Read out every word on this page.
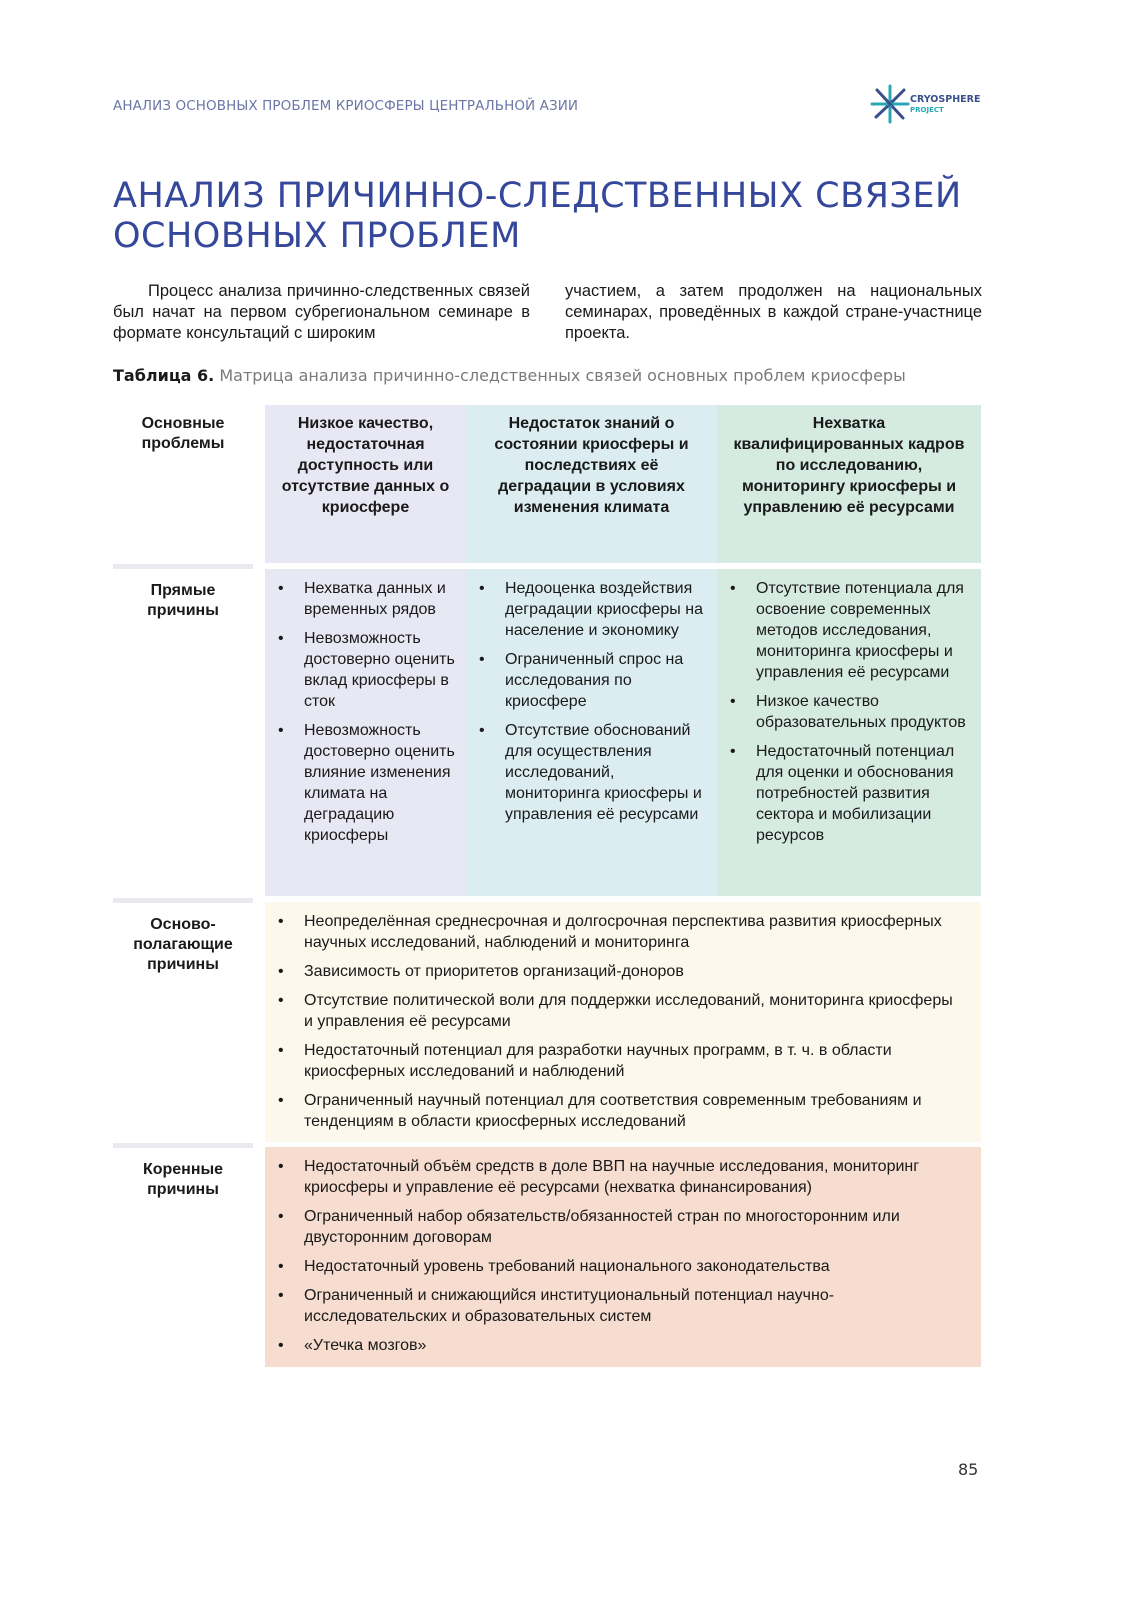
АНАЛИЗ ОСНОВНЫХ ПРОБЛЕМ КРИОСФЕРЫ ЦЕНТРАЛЬНОЙ АЗИИ	CRYOSPHERE
PROJECT
АНАЛИЗ ПРИЧИННО-СЛЕДСТВЕННЫХ СВЯЗЕЙ ОСНОВНЫХ ПРОБЛЕМ
Процесс анализа причинно-следственных связей был начат на первом субрегиональном семинаре в формате консультаций с широким
участием, а затем продолжен на национальных семинарах, проведённых в каждой стране-участнице проекта.
Таблица 6. Матрица анализа причинно-следственных связей основных проблем криосферы
Основные проблемы
Прямые причины
Осново-полагающие причины
Коренные причины
Низкое качество, недостаточная доступность или отсутствие данных о криосфере
Недостаток знаний о состоянии криосферы и последствиях её деградации в условиях изменения климата
Нехватка квалифицированных кадров по исследованию, мониторингу криосферы и управлению её ресурсами
• Нехватка данных и временных рядов
• Невозможность достоверно оценить вклад криосферы в сток
• Невозможность достоверно оценить влияние изменения климата на деградацию криосферы
• Недооценка воздействия деградации криосферы на население и экономику
• Ограниченный спрос на исследования по криосфере
• Отсутствие обоснований для осуществления исследований, мониторинга криосферы и управления её ресурсами
• Отсутствие потенциала для освоение современных методов исследования, мониторинга криосферы и управления её ресурсами
• Низкое качество образовательных продуктов
• Недостаточный потенциал для оценки и обоснования потребностей развития сектора и мобилизации ресурсов
• Неопределённая среднесрочная и долгосрочная перспектива развития криосферных научных исследований, наблюдений и мониторинга
• Зависимость от приоритетов организаций-доноров
• Отсутствие политической воли для поддержки исследований, мониторинга криосферы и управления её ресурсами
• Недостаточный потенциал для разработки научных программ, в т. ч. в области криосферных исследований и наблюдений
• Ограниченный научный потенциал для соответствия современным требованиям и тенденциям в области криосферных исследований
• Недостаточный объём средств в доле ВВП на научные исследования, мониторинг криосферы и управление её ресурсами (нехватка финансирования)
• Ограниченный набор обязательств/обязанностей стран по многосторонним или двусторонним договорам
• Недостаточный уровень требований национального законодательства
• Ограниченный и снижающийся институциональный потенциал научно-исследовательских и образовательных систем
• «Утечка мозгов»
85
